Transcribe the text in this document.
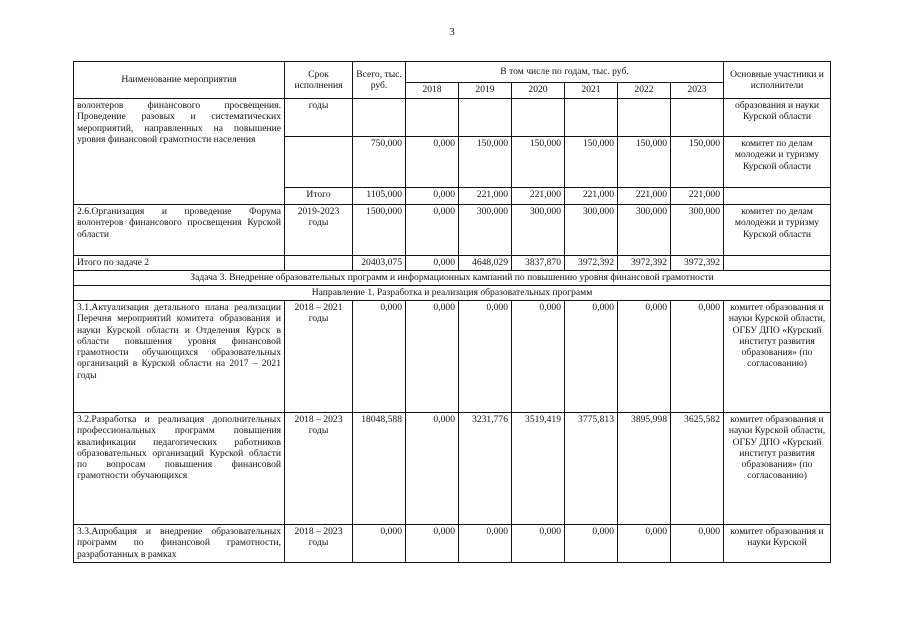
3
Наименование мероприятия	Срок исполнения	Всего, тыс. руб.	В том числе по годам, тыс. руб.						Основные участники и исполнители
			2018	2019	2020	2021	2022	2023	
волонтеров финансового просвещения. Проведение разовых и систематических мероприятий, направленных на повышение уровня финансовой грамотности населения	годы								образования и науки Курской области
		750,000	0,000	150,000	150,000	150,000	150,000	150,000	комитет по делам молодежи и туризму Курской области
	Итого	1105,000	0,000	221,000	221,000	221,000	221,000	221,000	
2.6.Организация и проведение Форума волонтеров финансового просвещения Курской области	2019-2023 годы	1500,000	0,000	300,000	300,000	300,000	300,000	300,000	комитет по делам молодежи и туризму Курской области
Итого по задаче 2		20403,075	0,000	4648,029	3837,870	3972,392	3972,392	3972,392	
Задача 3. Внедрение образовательных программ и информационных кампаний по повышению уровня финансовой грамотности									
Направление 1. Разработка и реализация образовательных программ									
3.1.Актуализация детального плана реализации Перечня мероприятий комитета образования и науки Курской области и Отделения Курск в области повышения уровня финансовой грамотности обучающихся образовательных организаций в Курской области на 2017 – 2021 годы	2018 – 2021 годы	0,000	0,000	0,000	0,000	0,000	0,000	0,000	комитет образования и науки Курской области, ОГБУ ДПО «Курский институт развития образования» (по согласованию)
3.2.Разработка и реализация дополнительных профессиональных программ повышения квалификации педагогических работников образовательных организаций Курской области по вопросам повышения финансовой грамотности обучающихся	2018 – 2023 годы	18048,588	0,000	3231,776	3519,419	3775,813	3895,998	3625,582	комитет образования и науки Курской области, ОГБУ ДПО «Курский институт развития образования» (по согласованию)
3.3.Апробация и внедрение образовательных программ по финансовой грамотности, разработанных в рамках	2018 – 2023 годы	0,000	0,000	0,000	0,000	0,000	0,000	0,000	комитет образования и науки Курской
